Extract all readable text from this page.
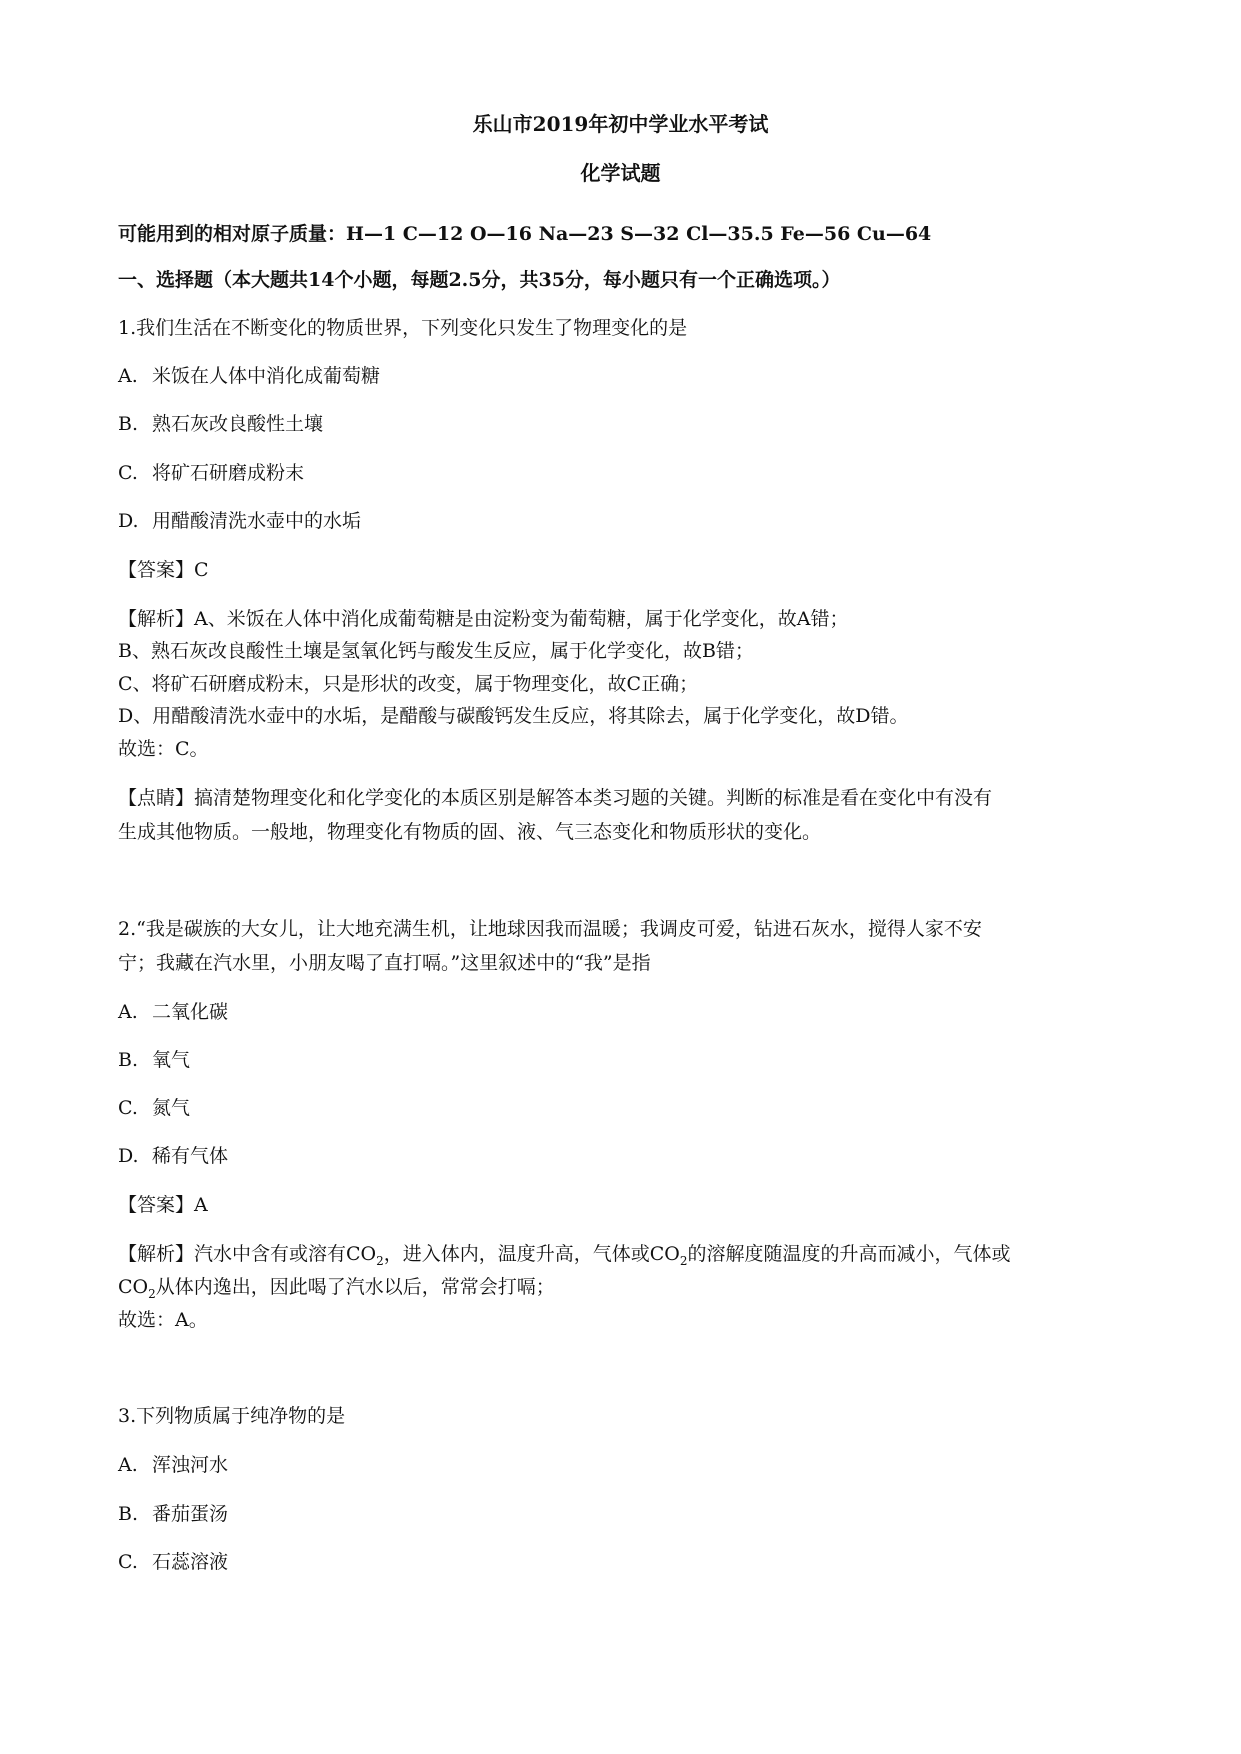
乐山市2019年初中学业水平考试
化学试题
可能用到的相对原子质量：H—1 C—12 O—16 Na—23 S—32 Cl—35.5 Fe—56 Cu—64
一、选择题（本大题共14个小题，每题2.5分，共35分，每小题只有一个正确选项。）
1.我们生活在不断变化的物质世界，下列变化只发生了物理变化的是
A. 米饭在人体中消化成葡萄糖
B. 熟石灰改良酸性土壤
C. 将矿石研磨成粉末
D. 用醋酸清洗水壶中的水垢
【答案】C
【解析】A、米饭在人体中消化成葡萄糖是由淀粉变为葡萄糖，属于化学变化，故A错；
B、熟石灰改良酸性土壤是氢氧化钙与酸发生反应，属于化学变化，故B错；
C、将矿石研磨成粉末，只是形状的改变，属于物理变化，故C正确；
D、用醋酸清洗水壶中的水垢，是醋酸与碳酸钙发生反应，将其除去，属于化学变化，故D错。
故选：C。
【点睛】搞清楚物理变化和化学变化的本质区别是解答本类习题的关键。判断的标准是看在变化中有没有
生成其他物质。一般地，物理变化有物质的固、液、气三态变化和物质形状的变化。
2.“我是碳族的大女儿，让大地充满生机，让地球因我而温暖；我调皮可爱，钻进石灰水，搅得人家不安
宁；我藏在汽水里，小朋友喝了直打嗝。”这里叙述中的“我”是指
A. 二氧化碳
B. 氧气
C. 氮气
D. 稀有气体
【答案】A
【解析】汽水中含有或溶有$CO_2$，进入体内，温度升高，气体或$CO_2$的溶解度随温度的升高而减小，气体或
$CO_2$从体内逸出，因此喝了汽水以后，常常会打嗝；
故选：A。
3.下列物质属于纯净物的是
A. 浑浊河水
B. 番茄蛋汤
C. 石蕊溶液
